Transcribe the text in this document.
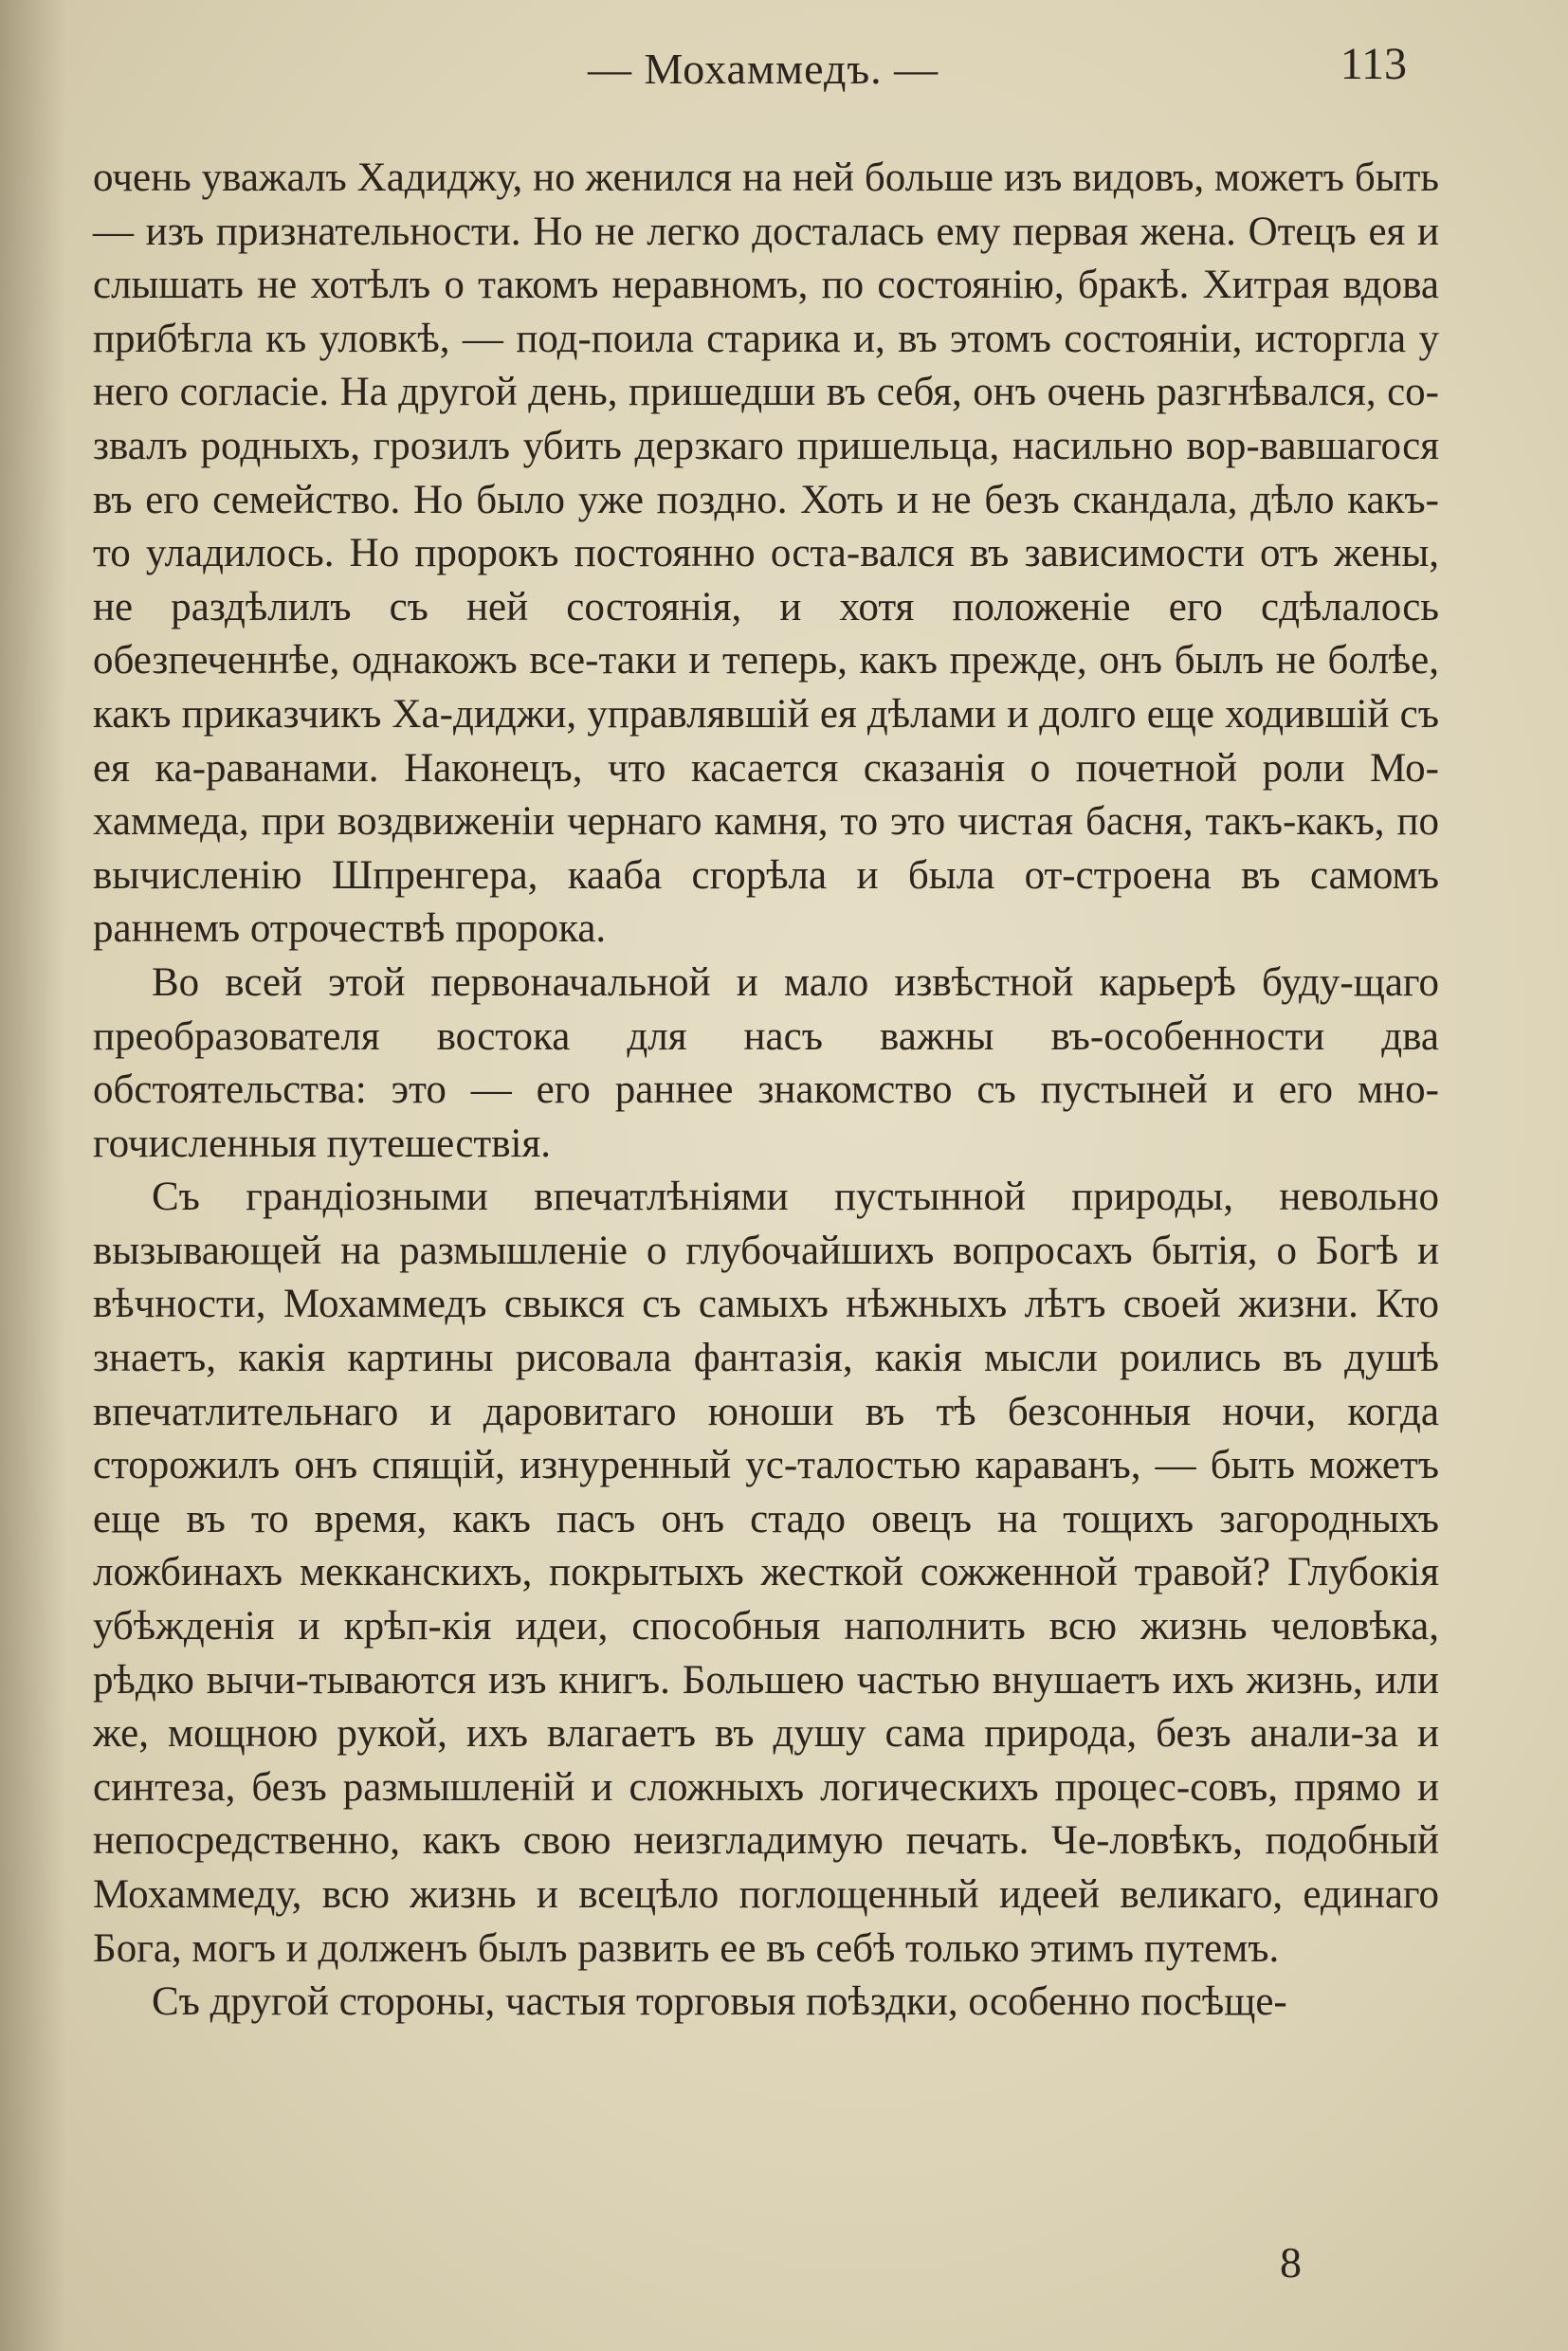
— Мохаммедъ. —	113

очень уважалъ Хадиджу, но женился на ней больше изъ видовъ, можетъ быть — изъ признательности. Но не легко досталась ему первая жена. Отецъ ея и слышать не хотѣлъ о такомъ неравномъ, по состоянію, бракѣ. Хитрая вдова прибѣгла къ уловкѣ, — под-поила старика и, въ этомъ состояніи, исторгла у него согласіе. На другой день, пришедши въ себя, онъ очень разгнѣвался, со-звалъ родныхъ, грозилъ убить дерзкаго пришельца, насильно вор-вавшагося въ его семейство. Но было уже поздно. Хоть и не безъ скандала, дѣло какъ-то уладилось. Но пророкъ постоянно оста-вался въ зависимости отъ жены, не раздѣлилъ съ ней состоянія, и хотя положеніе его сдѣлалось обезпеченнѣе, однакожъ все-таки и теперь, какъ прежде, онъ былъ не болѣе, какъ приказчикъ Ха-диджи, управлявшій ея дѣлами и долго еще ходившій съ ея ка-раванами. Наконецъ, что касается сказанія о почетной роли Мо-хаммеда, при воздвиженіи чернаго камня, то это чистая басня, такъ-какъ, по вычисленію Шпренгера, кааба сгорѣла и была от-строена въ самомъ раннемъ отрочествѣ пророка.

Во всей этой первоначальной и мало извѣстной карьерѣ буду-щаго преобразователя востока для насъ важны въ-особенности два обстоятельства: это — его раннее знакомство съ пустыней и его мно-гочисленныя путешествія.

Съ грандіозными впечатлѣніями пустынной природы, невольно вызывающей на размышленіе о глубочайшихъ вопросахъ бытія, о Богѣ и вѣчности, Мохаммедъ свыкся съ самыхъ нѣжныхъ лѣтъ своей жизни. Кто знаетъ, какія картины рисовала фантазія, какія мысли роились въ душѣ впечатлительнаго и даровитаго юноши въ тѣ безсонныя ночи, когда сторожилъ онъ спящій, изнуренный ус-талостью караванъ, — быть можетъ еще въ то время, какъ пасъ онъ стадо овецъ на тощихъ загородныхъ ложбинахъ мекканскихъ, покрытыхъ жесткой сожженной травой? Глубокія убѣжденія и крѣп-кія идеи, способныя наполнить всю жизнь человѣка, рѣдко вычи-тываются изъ книгъ. Большею частью внушаетъ ихъ жизнь, или же, мощною рукой, ихъ влагаетъ въ душу сама природа, безъ анали-за и синтеза, безъ размышленій и сложныхъ логическихъ процес-совъ, прямо и непосредственно, какъ свою неизгладимую печать. Че-ловѣкъ, подобный Мохаммеду, всю жизнь и всецѣло поглощенный идеей великаго, единаго Бога, могъ и долженъ былъ развить ее въ себѣ только этимъ путемъ.

Съ другой стороны, частыя торговыя поѣздки, особенно посѣще-

8
